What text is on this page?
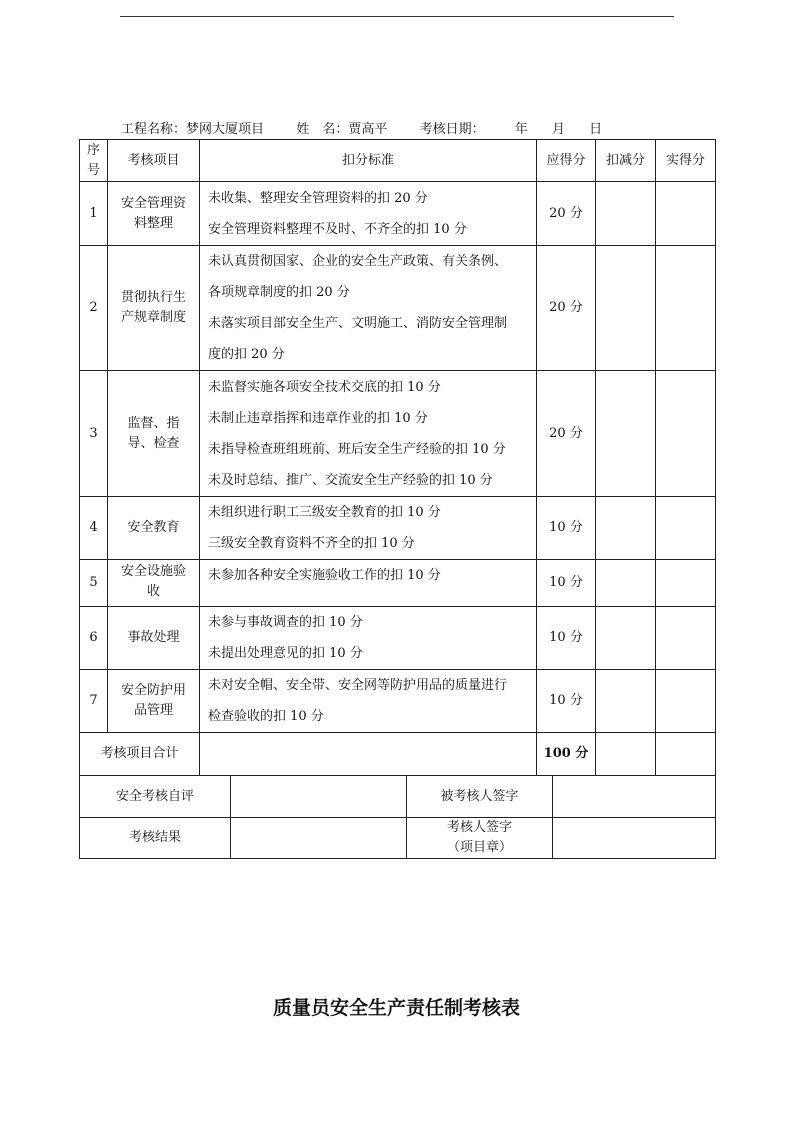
工程名称：梦网大厦项目 姓　名：贾高平 考核日期： 年 月 日
序号	考核项目	扣分标准	应得分	扣减分	实得分
1	安全管理资料整理	未收集、整理安全管理资料的扣 20 分
安全管理资料整理不及时、不齐全的扣 10 分	20 分		
2	贯彻执行生产规章制度	未认真贯彻国家、企业的安全生产政策、有关条例、
各项规章制度的扣 20 分
未落实项目部安全生产、文明施工、消防安全管理制
度的扣 20 分	20 分		
3	监督、指导、检查	未监督实施各项安全技术交底的扣 10 分
未制止违章指挥和违章作业的扣 10 分
未指导检查班组班前、班后安全生产经验的扣 10 分
未及时总结、推广、交流安全生产经验的扣 10 分	20 分		
4	安全教育	未组织进行职工三级安全教育的扣 10 分
三级安全教育资料不齐全的扣 10 分	10 分		
5	安全设施验收	未参加各种安全实施验收工作的扣 10 分	10 分		
6	事故处理	未参与事故调查的扣 10 分
未提出处理意见的扣 10 分	10 分		
7	安全防护用品管理	未对安全帽、安全带、安全网等防护用品的质量进行
检查验收的扣 10 分	10 分		
考核项目合计			100 分		
安全考核自评		被考核人签字	
考核结果		考核人签字
（项目章）	

质量员安全生产责任制考核表
